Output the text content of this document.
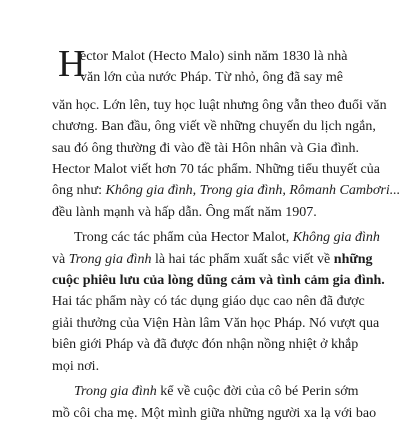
H
ector Malot (Hecto Malo) sinh năm 1830 là nhà
văn lớn của nước Pháp. Từ nhỏ, ông đã say mê
văn học. Lớn lên, tuy học luật nhưng ông vẫn theo đuổi văn
chương. Ban đầu, ông viết về những chuyến du lịch ngắn,
sau đó ông thường đi vào đề tài Hôn nhân và Gia đình.
Hector Malot viết hơn 70 tác phẩm. Những tiểu thuyết của
ông như: Không gia đình, Trong gia đình, Rômanh Cambơri...
đều lành mạnh và hấp dẫn. Ông mất năm 1907.
Trong các tác phẩm của Hector Malot, Không gia đình
và Trong gia đình là hai tác phẩm xuất sắc viết về những
cuộc phiêu lưu của lòng dũng cảm và tình cảm gia đình.
Hai tác phẩm này có tác dụng giáo dục cao nên đã được
giải thưởng của Viện Hàn lâm Văn học Pháp. Nó vượt qua
biên giới Pháp và đã được đón nhận nồng nhiệt ở khắp
mọi nơi.
Trong gia đình kể về cuộc đời của cô bé Perin sớm
mồ côi cha mẹ. Một mình giữa những người xa lạ với bao
